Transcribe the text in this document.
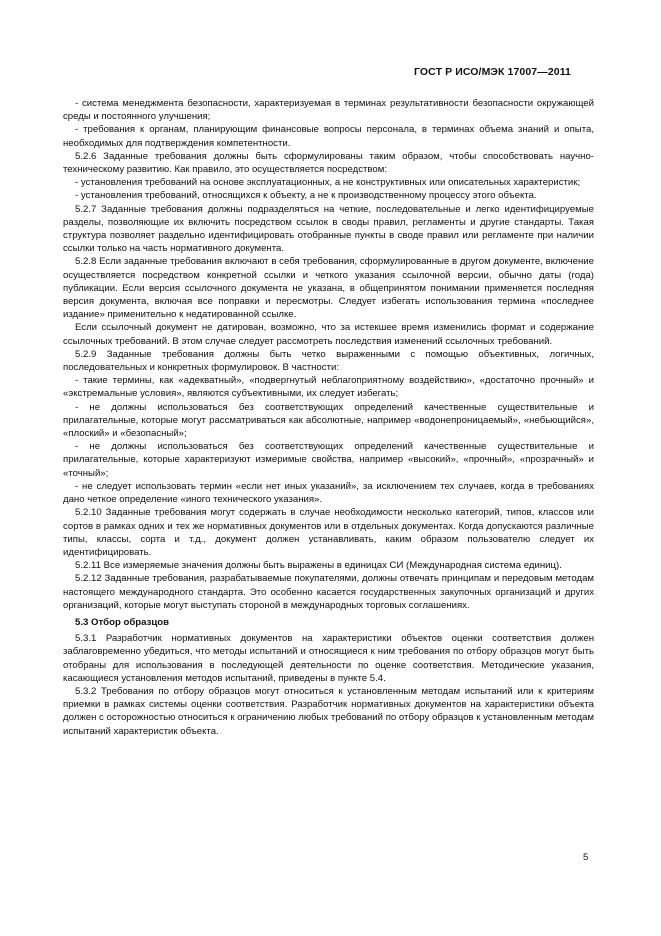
ГОСТ Р ИСО/МЭК 17007—2011

- система менеджмента безопасности, характеризуемая в терминах результативности безопасности окружающей среды и постоянного улучшения;

- требования к органам, планирующим финансовые вопросы персонала, в терминах объема знаний и опыта, необходимых для подтверждения компетентности.

5.2.6 Заданные требования должны быть сформулированы таким образом, чтобы способствовать научно-техническому развитию. Как правило, это осуществляется посредством:

- установления требований на основе эксплуатационных, а не конструктивных или описательных характеристик;

- установления требований, относящихся к объекту, а не к производственному процессу этого объекта.

5.2.7 Заданные требования должны подразделяться на четкие, последовательные и легко идентифицируемые разделы, позволяющие их включить посредством ссылок в своды правил, регламенты и другие стандарты. Такая структура позволяет раздельно идентифицировать отобранные пункты в своде правил или регламенте при наличии ссылки только на часть нормативного документа.

5.2.8 Если заданные требования включают в себя требования, сформулированные в другом документе, включение осуществляется посредством конкретной ссылки и четкого указания ссылочной версии, обычно даты (года) публикации. Если версия ссылочного документа не указана, в общепринятом понимании применяется последняя версия документа, включая все поправки и пересмотры. Следует избегать использования термина «последнее издание» применительно к недатированной ссылке.

Если ссылочный документ не датирован, возможно, что за истекшее время изменились формат и содержание ссылочных требований. В этом случае следует рассмотреть последствия изменений ссылочных требований.

5.2.9 Заданные требования должны быть четко выраженными с помощью объективных, логичных, последовательных и конкретных формулировок. В частности:

- такие термины, как «адекватный», «подвергнутый неблагоприятному воздействию», «достаточно прочный» и «экстремальные условия», являются субъективными, их следует избегать;

- не должны использоваться без соответствующих определений качественные существительные и прилагательные, которые могут рассматриваться как абсолютные, например «водонепроницаемый», «небьющийся», «плоский» и «безопасный»;

- не должны использоваться без соответствующих определений качественные существительные и прилагательные, которые характеризуют измеримые свойства, например «высокий», «прочный», «прозрачный» и «точный»;

- не следует использовать термин «если нет иных указаний», за исключением тех случаев, когда в требованиях дано четкое определение «иного технического указания».

5.2.10 Заданные требования могут содержать в случае необходимости несколько категорий, типов, классов или сортов в рамках одних и тех же нормативных документов или в отдельных документах. Когда допускаются различные типы, классы, сорта и т.д., документ должен устанавливать, каким образом пользователю следует их идентифицировать.

5.2.11 Все измеряемые значения должны быть выражены в единицах СИ (Международная система единиц).

5.2.12 Заданные требования, разрабатываемые покупателями, должны отвечать принципам и передовым методам настоящего международного стандарта. Это особенно касается государственных закупочных организаций и других организаций, которые могут выступать стороной в международных торговых соглашениях.

5.3 Отбор образцов

5.3.1 Разработчик нормативных документов на характеристики объектов оценки соответствия должен заблаговременно убедиться, что методы испытаний и относящиеся к ним требования по отбору образцов могут быть отобраны для использования в последующей деятельности по оценке соответствия. Методические указания, касающиеся установления методов испытаний, приведены в пункте 5.4.

5.3.2 Требования по отбору образцов могут относиться к установленным методам испытаний или к критериям приемки в рамках системы оценки соответствия. Разработчик нормативных документов на характеристики объекта должен с осторожностью относиться к ограничению любых требований по отбору образцов к установленным методам испытаний характеристик объекта.

5
